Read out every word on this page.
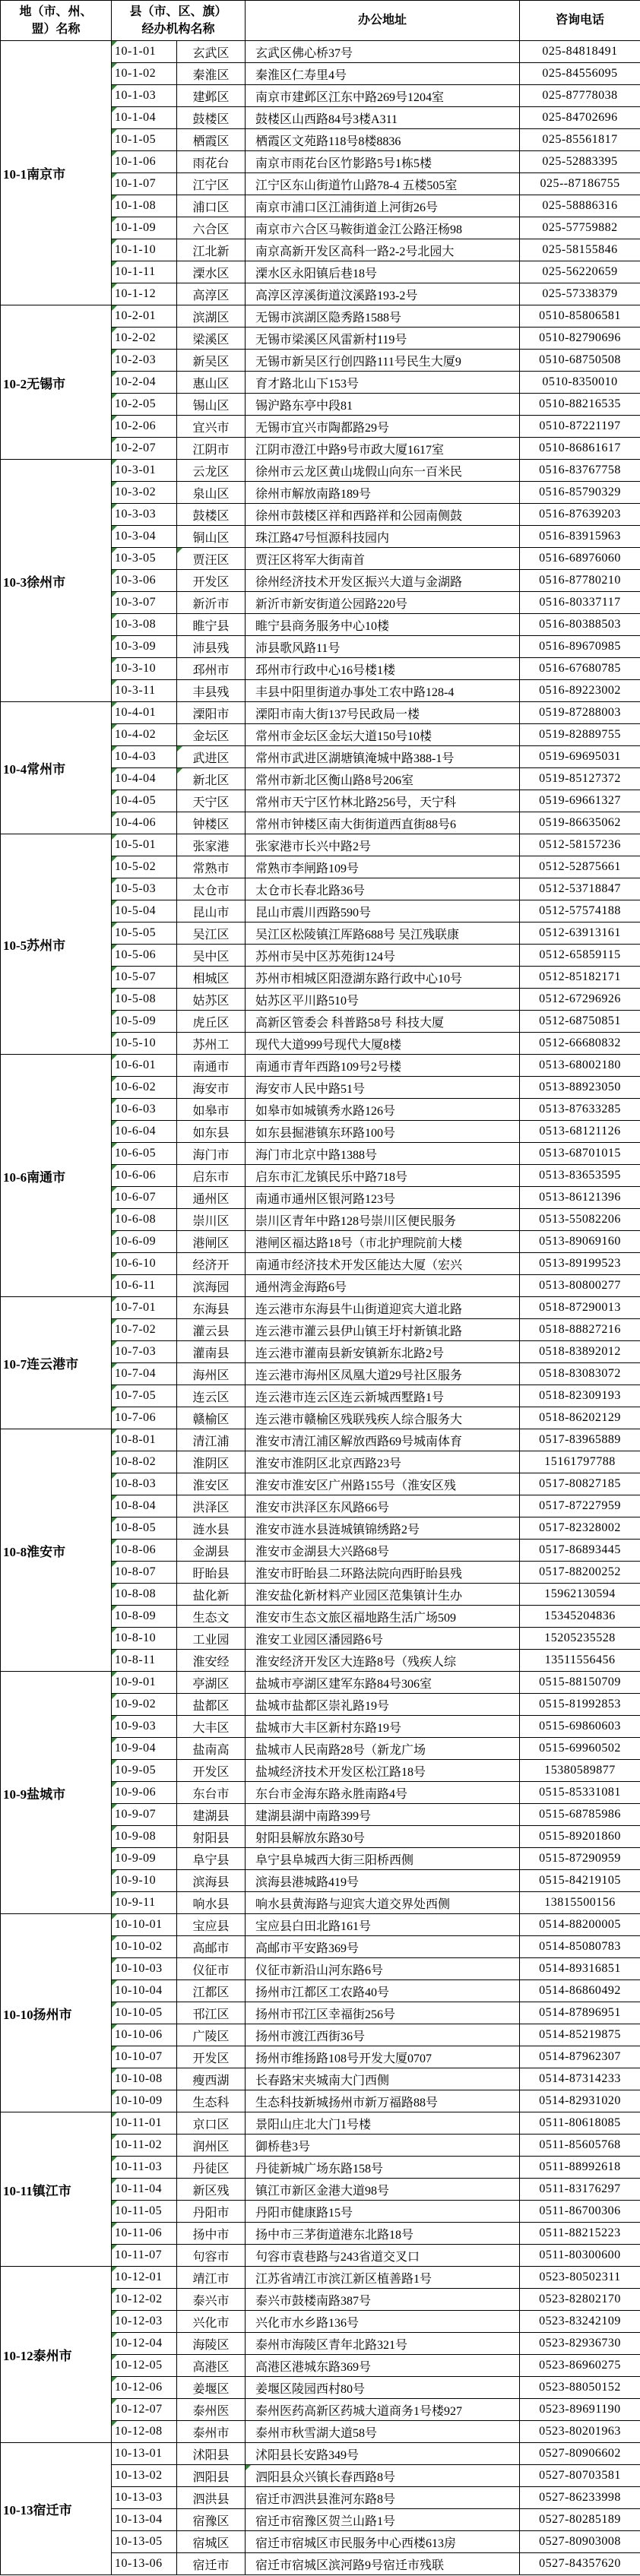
地（市、州、
盟）名称	县（市、区、旗）
经办机构名称		办公地址	咨询电话
10-1南京市	10-1-01	玄武区	玄武区佛心桥37号	025-84818491
	10-1-02	秦淮区	秦淮区仁寿里4号	025-84556095
	10-1-03	建邺区	南京市建邺区江东中路269号1204室	025-87778038
	10-1-04	鼓楼区	鼓楼区山西路84号3楼A311	025-84702696
	10-1-05	栖霞区	栖霞区文苑路118号8楼8836	025-85561817
	10-1-06	雨花台	南京市雨花台区竹影路5号1栋5楼	025-52883395
	10-1-07	江宁区	江宁区东山街道竹山路78-4 五楼505室	025--87186755
	10-1-08	浦口区	南京市浦口区江浦街道上河街26号	025-58886316
	10-1-09	六合区	南京市六合区马鞍街道金江公路汪杨98	025-57759882
	10-1-10	江北新	南京高新开发区高科一路2-2号北园大	025-58155846
	10-1-11	溧水区	溧水区永阳镇后巷18号	025-56220659
	10-1-12	高淳区	高淳区淳溪街道汶溪路193-2号	025-57338379
10-2无锡市	10-2-01	滨湖区	无锡市滨湖区隐秀路1588号	0510-85806581
	10-2-02	梁溪区	无锡市梁溪区风雷新村119号	0510-82790696
	10-2-03	新吴区	无锡市新吴区行创四路111号民生大厦9	0510-68750508
	10-2-04	惠山区	育才路北山下153号	0510-8350010
	10-2-05	锡山区	锡沪路东亭中段81	0510-88216535
	10-2-06	宜兴市	无锡市宜兴市陶都路29号	0510-87221197
	10-2-07	江阴市	江阴市澄江中路9号市政大厦1617室	0510-86861617
10-3徐州市	10-3-01	云龙区	徐州市云龙区黄山垅假山向东一百米民	0516-83767758
	10-3-02	泉山区	徐州市解放南路189号	0516-85790329
	10-3-03	鼓楼区	徐州市鼓楼区祥和西路祥和公园南侧鼓	0516-87639203
	10-3-04	铜山区	珠江路47号恒源科技园内	0516-83915963
	10-3-05	贾汪区	贾汪区将军大街南首	0516-68976060
	10-3-06	开发区	徐州经济技术开发区振兴大道与金湖路	0516-87780210
	10-3-07	新沂市	新沂市新安街道公园路220号	0516-80337117
	10-3-08	睢宁县	睢宁县商务服务中心10楼	0516-80388503
	10-3-09	沛县残	沛县歌风路11号	0516-89670985
	10-3-10	邳州市	邳州市行政中心16号楼1楼	0516-67680785
	10-3-11	丰县残	丰县中阳里街道办事处工农中路128-4	0516-89223002
10-4常州市	10-4-01	溧阳市	溧阳市南大街137号民政局一楼	0519-87288003
	10-4-02	金坛区	常州市金坛区金坛大道150号10楼	0519-82889755
	10-4-03	武进区	常州市武进区湖塘镇淹城中路388-1号	0519-69695031
	10-4-04	新北区	常州市新北区衡山路8号206室	0519-85127372
	10-4-05	天宁区	常州市天宁区竹林北路256号，天宁科	0519-69661327
	10-4-06	钟楼区	常州市钟楼区南大街街道西直街88号6	0519-86635062
10-5苏州市	10-5-01	张家港	张家港市长兴中路2号	0512-58157236
	10-5-02	常熟市	常熟市李闸路109号	0512-52875661
	10-5-03	太仓市	太仓市长春北路36号	0512-53718847
	10-5-04	昆山市	昆山市震川西路590号	0512-57574188
	10-5-05	吴江区	吴江区松陵镇江厍路688号 吴江残联康	0512-63913161
	10-5-06	吴中区	苏州市吴中区苏苑街124号	0512-65859115
	10-5-07	相城区	苏州市相城区阳澄湖东路行政中心10号	0512-85182171
	10-5-08	姑苏区	姑苏区平川路510号	0512-67296926
	10-5-09	虎丘区	高新区管委会 科普路58号 科技大厦	0512-68750851
	10-5-10	苏州工	现代大道999号现代大厦8楼	0512-66680832
10-6南通市	10-6-01	南通市	南通市青年西路109号2号楼	0513-68002180
	10-6-02	海安市	海安市人民中路51号	0513-88923050
	10-6-03	如皋市	如皋市如城镇秀水路126号	0513-87633285
	10-6-04	如东县	如东县掘港镇东环路100号	0513-68121126
	10-6-05	海门市	海门市北京中路1388号	0513-68701015
	10-6-06	启东市	启东市汇龙镇民乐中路718号	0513-83653595
	10-6-07	通州区	南通市通州区银河路123号	0513-86121396
	10-6-08	崇川区	崇川区青年中路128号崇川区便民服务	0513-55082206
	10-6-09	港闸区	港闸区福达路18号（市北护理院前大楼	0513-89069160
	10-6-10	经济开	南通市经济技术开发区能达大厦（宏兴	0513-89199523
	10-6-11	滨海园	通州湾金海路6号	0513-80800277
10-7连云港市	10-7-01	东海县	连云港市东海县牛山街道迎宾大道北路	0518-87290013
	10-7-02	灌云县	连云港市灌云县伊山镇王圩村新镇北路	0518-88827216
	10-7-03	灌南县	连云港市灌南县新安镇新东北路2号	0518-83892012
	10-7-04	海州区	连云港市海州区凤凰大道29号社区服务	0518-83083072
	10-7-05	连云区	连云港市连云区连云新城西墅路1号	0518-82309193
	10-7-06	赣榆区	连云港市赣榆区残联残疾人综合服务大	0518-86202129
10-8淮安市	10-8-01	清江浦	淮安市清江浦区解放西路69号城南体育	0517-83965889
	10-8-02	淮阴区	淮安市淮阴区北京西路23号	15161797788
	10-8-03	淮安区	淮安市淮安区广州路155号（淮安区残	0517-80827185
	10-8-04	洪泽区	淮安市洪泽区东风路66号	0517-87227959
	10-8-05	涟水县	淮安市涟水县涟城镇锦绣路2号	0517-82328002
	10-8-06	金湖县	淮安市金湖县大兴路68号	0517-86893445
	10-8-07	盱眙县	淮安市盱眙县二环路法院向西盱眙县残	0517-88200252
	10-8-08	盐化新	淮安盐化新材料产业园区范集镇计生办	15962130594
	10-8-09	生态文	淮安市生态文旅区福地路生活广场509	15345204836
	10-8-10	工业园	淮安工业园区潘园路6号	15205235528
	10-8-11	淮安经	淮安经济开发区大连路8号（残疾人综	13511556456
10-9盐城市	10-9-01	亭湖区	盐城市亭湖区建军东路84号306室	0515-88150709
	10-9-02	盐都区	盐城市盐都区崇礼路19号	0515-81992853
	10-9-03	大丰区	盐城市大丰区新村东路19号	0515-69860603
	10-9-04	盐南高	盐城市人民南路28号（新龙广场	0515-69960502
	10-9-05	开发区	盐城经济技术开发区松江路18号	15380589877
	10-9-06	东台市	东台市金海东路永胜南路4号	0515-85331081
	10-9-07	建湖县	建湖县湖中南路399号	0515-68785986
	10-9-08	射阳县	射阳县解放东路30号	0515-89201860
	10-9-09	阜宁县	阜宁县阜城西大街三阳桥西侧	0515-87290959
	10-9-10	滨海县	滨海县港城路419号	0515-84219105
	10-9-11	响水县	响水县黄海路与迎宾大道交界处西侧	13815500156
10-10扬州市	10-10-01	宝应县	宝应县白田北路161号	0514-88200005
	10-10-02	高邮市	高邮市平安路369号	0514-85080783
	10-10-03	仪征市	仪征市新沿山河东路6号	0514-89316851
	10-10-04	江都区	扬州市江都区工农路40号	0514-86860492
	10-10-05	邗江区	扬州市邗江区幸福街256号	0514-87896951
	10-10-06	广陵区	扬州市渡江西街36号	0514-85219875
	10-10-07	开发区	扬州市维扬路108号开发大厦0707	0514-87962307
	10-10-08	瘦西湖	长春路宋夹城南大门西侧	0514-87314233
	10-10-09	生态科	生态科技新城扬州市新万福路88号	0514-82931020
10-11镇江市	10-11-01	京口区	景阳山庄北大门1号楼	0511-80618085
	10-11-02	润州区	御桥巷3号	0511-85605768
	10-11-03	丹徒区	丹徒新城广场东路158号	0511-88992618
	10-11-04	新区残	镇江市新区金港大道98号	0511-83176297
	10-11-05	丹阳市	丹阳市健康路15号	0511-86700306
	10-11-06	扬中市	扬中市三茅街道港东北路18号	0511-88215223
	10-11-07	句容市	句容市袁巷路与243省道交叉口	0511-80300600
10-12泰州市	10-12-01	靖江市	江苏省靖江市滨江新区植善路1号	0523-80502311
	10-12-02	泰兴市	泰兴市鼓楼南路387号	0523-82802170
	10-12-03	兴化市	兴化市水乡路136号	0523-83242109
	10-12-04	海陵区	泰州市海陵区青年北路321号	0523-82936730
	10-12-05	高港区	高港区港城东路369号	0523-86960275
	10-12-06	姜堰区	姜堰区陵园西村80号	0523-88050152
	10-12-07	泰州医	泰州医药高新区药城大道商务1号楼927	0523-89691190
	10-12-08	泰州市	泰州市秋雪湖大道58号	0523-80201963
10-13宿迁市	10-13-01	沭阳县	沭阳县长安路349号	0527-80906602
	10-13-02	泗阳县	泗阳县众兴镇长春西路8号	0527-80703581
	10-13-03	泗洪县	宿迁市泗洪县淮河东路8号	0527-86233998
	10-13-04	宿豫区	宿迁市宿豫区贺兰山路1号	0527-80285189
	10-13-05	宿城区	宿迁市宿城区市民服务中心西楼613房	0527-80903008
	10-13-06	宿迁市	宿迁市宿城区滨河路9号宿迁市残联	0527-84357620
